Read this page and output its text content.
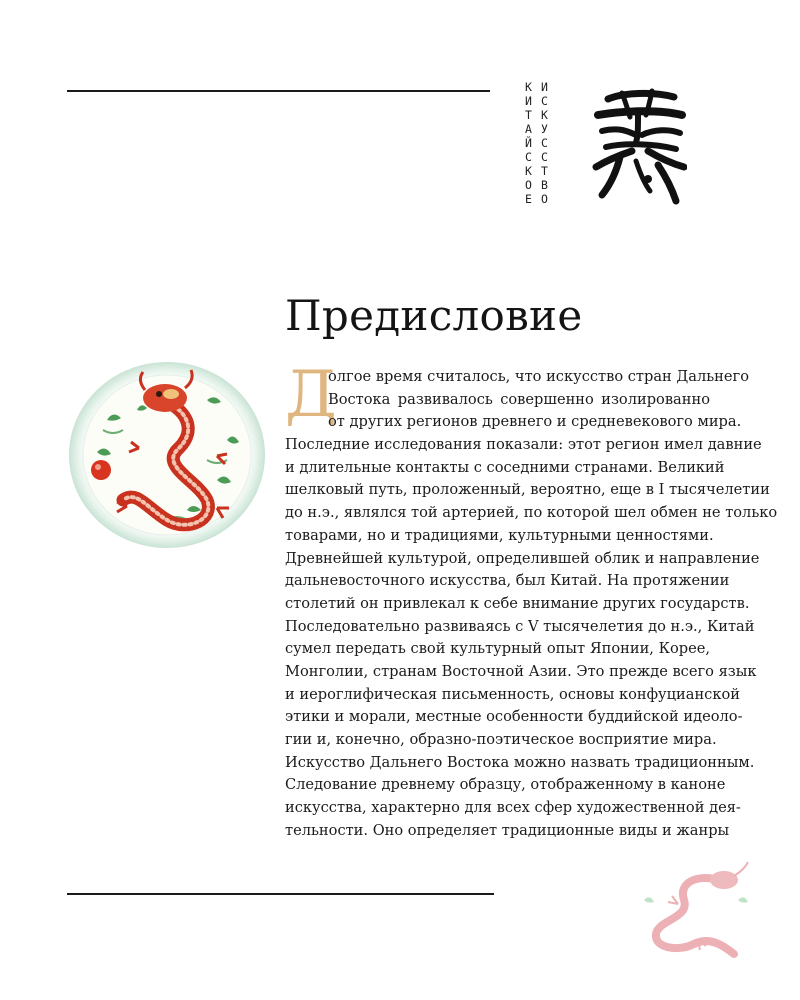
К
И
Т
А
Й
С
К
О
Е
И
С
К
У
С
С
Т
В
О
Предисловие
Д
олгое время считалось, что искусство стран Дальнего
Востока развивалось совершенно изолированно
от других регионов древнего и средневекового мира.
Последние исследования показали: этот регион имел давние
и длительные контакты с соседними странами. Великий
шелковый путь, проложенный, вероятно, еще в I тысячелетии
до н.э., являлся той артерией, по которой шел обмен не только
товарами, но и традициями, культурными ценностями.
Древнейшей культурой, определившей облик и направление
дальневосточного искусства, был Китай. На протяжении
столетий он привлекал к себе внимание других государств.
Последовательно развиваясь с V тысячелетия до н.э., Китай
сумел передать свой культурный опыт Японии, Корее,
Монголии, странам Восточной Азии. Это прежде всего язык
и иероглифическая письменность, основы конфуцианской
этики и морали, местные особенности буддийской идеоло-
гии и, конечно, образно-поэтическое восприятие мира.
Искусство Дальнего Востока можно назвать традиционным.
Следование древнему образцу, отображенному в каноне
искусства, характерно для всех сфер художественной дея-
тельности. Оно определяет традиционные виды и жанры
